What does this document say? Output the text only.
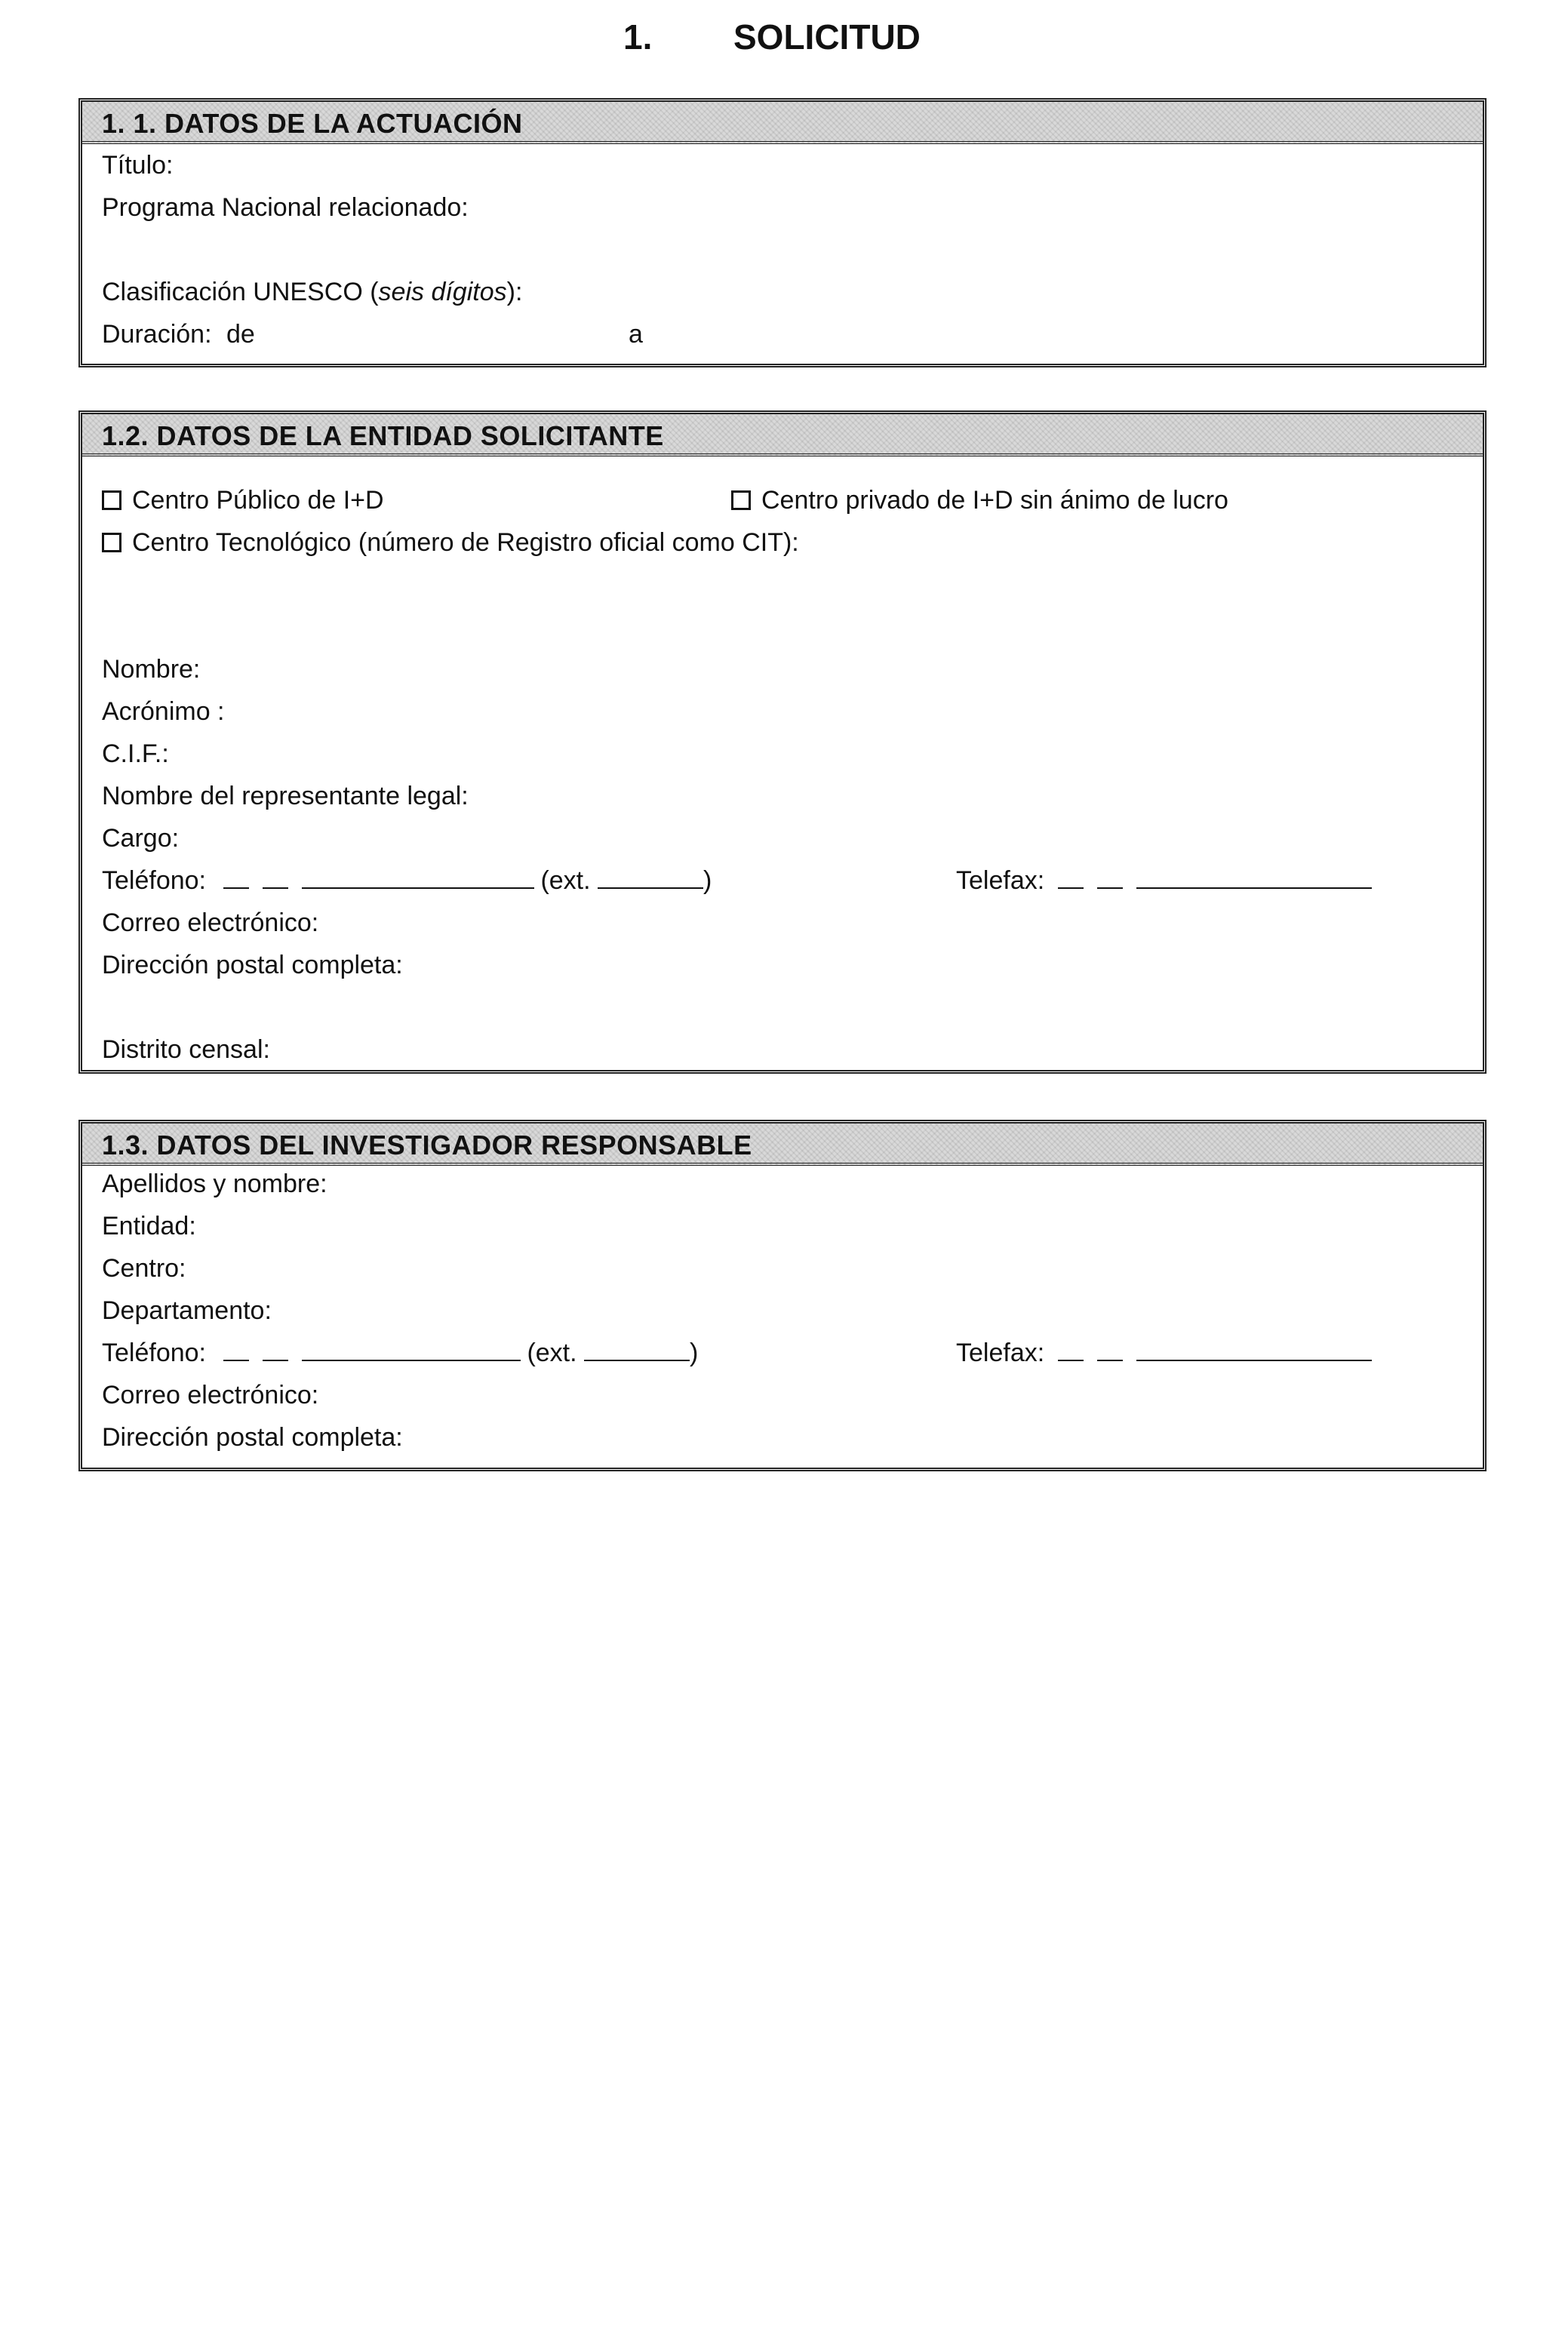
1. SOLICITUD
1. 1. DATOS DE LA ACTUACIÓN
Título:
Programa Nacional relacionado:
Clasificación UNESCO (seis dígitos):
Duración: de	a
1.2. DATOS DE LA ENTIDAD SOLICITANTE
Centro Público de I+D	Centro privado de I+D sin ánimo de lucro
Centro Tecnológico (número de Registro oficial como CIT):
Nombre:
Acrónimo :
C.I.F.:
Nombre del representante legal:
Cargo:
Teléfono:	(ext.	)	Telefax:
Correo electrónico:
Dirección postal completa:
Distrito censal:
1.3. DATOS DEL INVESTIGADOR RESPONSABLE
Apellidos y nombre:
Entidad:
Centro:
Departamento:
Teléfono:	(ext.	)	Telefax:
Correo electrónico:
Dirección postal completa:
